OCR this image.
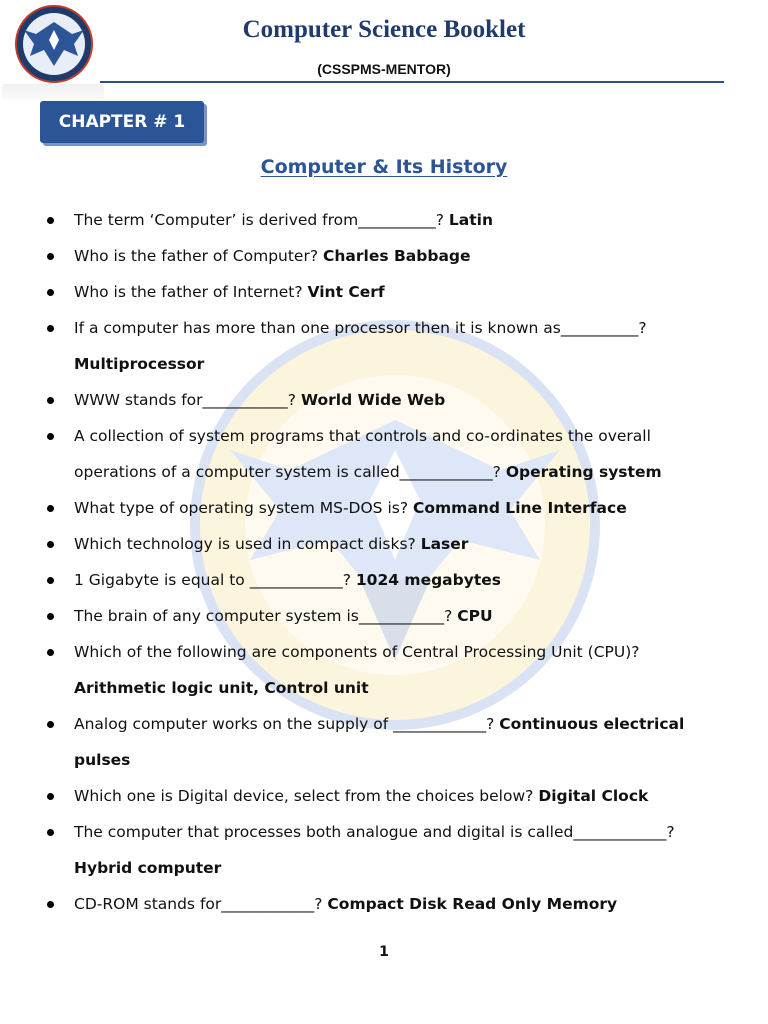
Computer Science Booklet
(CSSPMS-MENTOR)
CHAPTER # 1
Computer & Its History
The term ‘Computer’ is derived from__________? Latin
Who is the father of Computer? Charles Babbage
Who is the father of Internet? Vint Cerf
If a computer has more than one processor then it is known as__________? Multiprocessor
WWW stands for___________? World Wide Web
A collection of system programs that controls and co-ordinates the overall operations of a computer system is called____________? Operating system
What type of operating system MS-DOS is? Command Line Interface
Which technology is used in compact disks? Laser
1 Gigabyte is equal to ____________? 1024 megabytes
The brain of any computer system is___________? CPU
Which of the following are components of Central Processing Unit (CPU)? Arithmetic logic unit, Control unit
Analog computer works on the supply of ____________? Continuous electrical pulses
Which one is Digital device, select from the choices below? Digital Clock
The computer that processes both analogue and digital is called____________? Hybrid computer
CD-ROM stands for____________? Compact Disk Read Only Memory
1
